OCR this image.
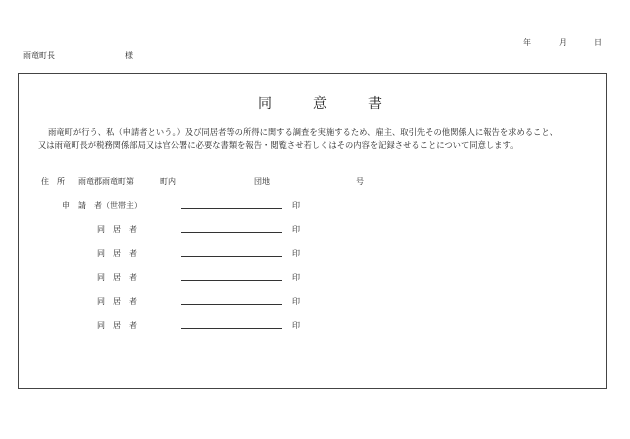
年	月	日
雨竜町長	様
同	意	書
雨竜町が行う、私（申請者という。）及び同居者等の所得に関する調査を実施するため、雇主、取引先その他関係人に報告を求めること、
又は雨竜町長が税務関係部局又は官公署に必要な書類を報告・閲覧させ若しくはその内容を記録させることについて同意します。
住　所 雨竜郡雨竜町第	町内	団地	号
申　請　者（世帯主）	印
同　居　者	印
同　居　者	印
同　居　者	印
同　居　者	印
同　居　者	印
